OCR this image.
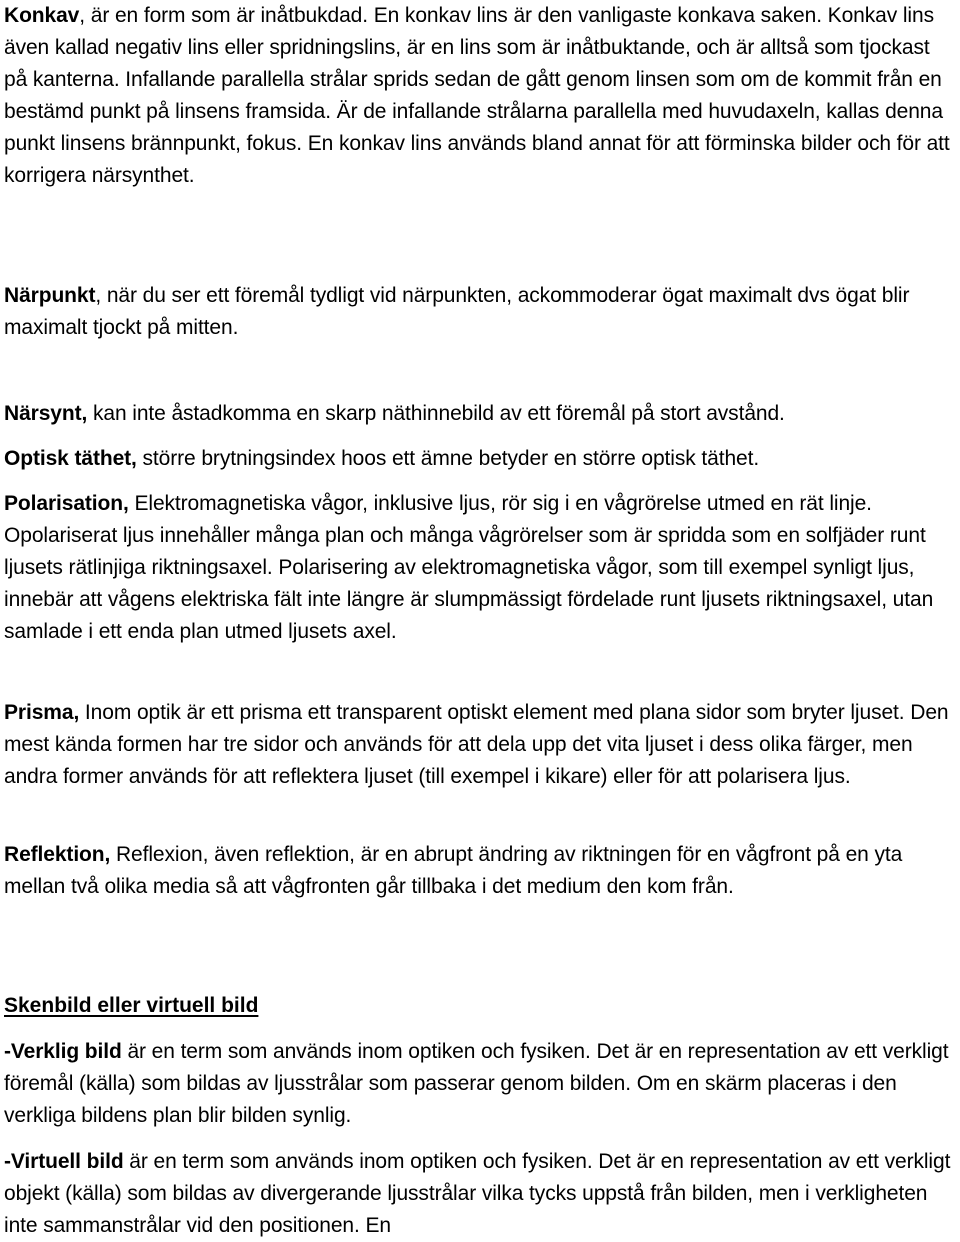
Konkav, är en form som är inåtbukdad. En konkav lins är den vanligaste konkava saken. Konkav lins även kallad negativ lins eller spridningslins, är en lins som är inåtbuktande, och är alltså som tjockast på kanterna. Infallande parallella strålar sprids sedan de gått genom linsen som om de kommit från en bestämd punkt på linsens framsida. Är de infallande strålarna parallella med huvudaxeln, kallas denna punkt linsens brännpunkt, fokus. En konkav lins används bland annat för att förminska bilder och för att korrigera närsynthet.

Närpunkt, när du ser ett föremål tydligt vid närpunkten, ackommoderar ögat maximalt dvs ögat blir maximalt tjockt på mitten.

Närsynt, kan inte åstadkomma en skarp näthinnebild av ett föremål på stort avstånd.

Optisk täthet, större brytningsindex hoos ett ämne betyder en större optisk täthet.

Polarisation, Elektromagnetiska vågor, inklusive ljus, rör sig i en vågrörelse utmed en rät linje. Opolariserat ljus innehåller många plan och många vågrörelser som är spridda som en solfjäder runt ljusets rätlinjiga riktningsaxel. Polarisering av elektromagnetiska vågor, som till exempel synligt ljus, innebär att vågens elektriska fält inte längre är slumpmässigt fördelade runt ljusets riktningsaxel, utan samlade i ett enda plan utmed ljusets axel.

Prisma, Inom optik är ett prisma ett transparent optiskt element med plana sidor som bryter ljuset. Den mest kända formen har tre sidor och används för att dela upp det vita ljuset i dess olika färger, men andra former används för att reflektera ljuset (till exempel i kikare) eller för att polarisera ljus.

Reflektion, Reflexion, även reflektion, är en abrupt ändring av riktningen för en vågfront på en yta mellan två olika media så att vågfronten går tillbaka i det medium den kom från.

Skenbild eller virtuell bild

-Verklig bild är en term som används inom optiken och fysiken. Det är en representation av ett verkligt föremål (källa) som bildas av ljusstrålar som passerar genom bilden. Om en skärm placeras i den verkliga bildens plan blir bilden synlig.

-Virtuell bild är en term som används inom optiken och fysiken. Det är en representation av ett verkligt objekt (källa) som bildas av divergerande ljusstrålar vilka tycks uppstå från bilden, men i verkligheten inte sammanstrålar vid den positionen. En
